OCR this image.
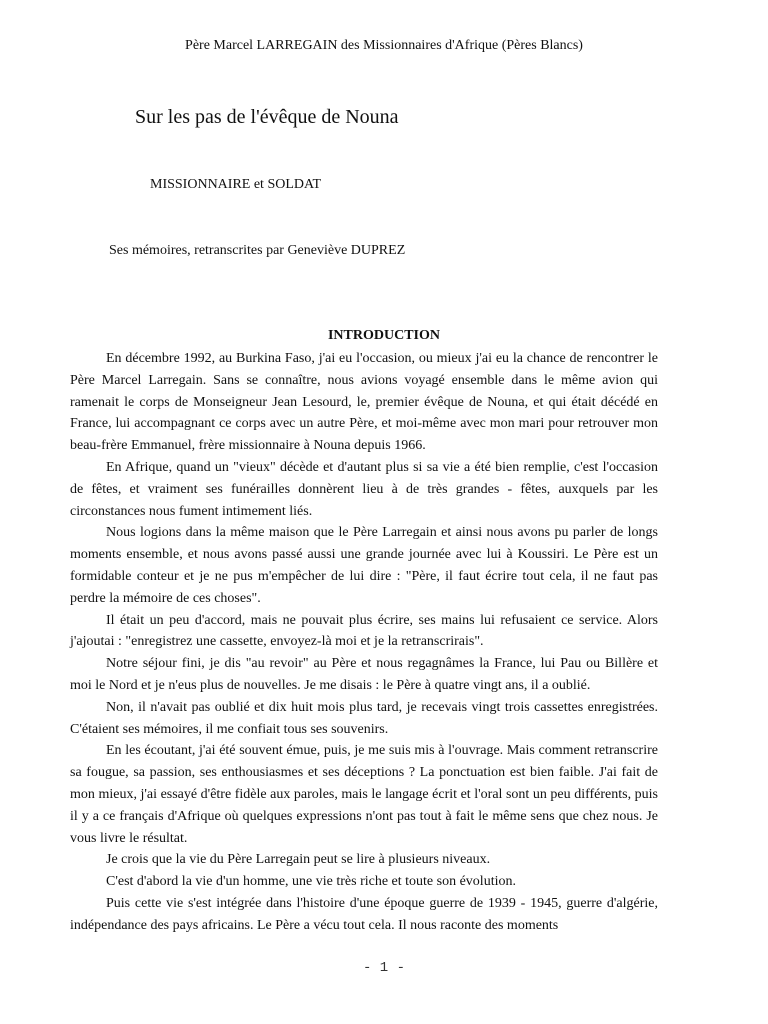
Père Marcel LARREGAIN des Missionnaires d'Afrique (Pères Blancs)
Sur les pas de l'évêque de Nouna
MISSIONNAIRE et SOLDAT
Ses mémoires, retranscrites par Geneviève DUPREZ
INTRODUCTION

En décembre 1992, au Burkina Faso, j'ai eu l'occasion, ou mieux j'ai eu la chance de rencontrer le Père Marcel Larregain. Sans se connaître, nous avions voyagé ensemble dans le même avion qui ramenait le corps de Monseigneur Jean Lesourd, le, premier évêque de Nouna, et qui était décédé en France, lui accompagnant ce corps avec un autre Père, et moi-même avec mon mari pour retrouver mon beau-frère Emmanuel, frère missionnaire à Nouna depuis 1966.

En Afrique, quand un "vieux" décède et d'autant plus si sa vie a été bien remplie, c'est l'occasion de fêtes, et vraiment ses funérailles donnèrent lieu à de très grandes - fêtes, auxquels par les circonstances nous fument intimement liés.

Nous logions dans la même maison que le Père Larregain et ainsi nous avons pu parler de longs moments ensemble, et nous avons passé aussi une grande journée avec lui à Koussiri. Le Père est un formidable conteur et je ne pus m'empêcher de lui dire : "Père, il faut écrire tout cela, il ne faut pas perdre la mémoire de ces choses".

Il était un peu d'accord, mais ne pouvait plus écrire, ses mains lui refusaient ce service. Alors j'ajoutai : "enregistrez une cassette, envoyez-là moi et je la retranscrirais".

Notre séjour fini, je dis "au revoir" au Père et nous regagnâmes la France, lui Pau ou Billère et moi le Nord et je n'eus plus de nouvelles. Je me disais : le Père à quatre vingt ans, il a oublié.

Non, il n'avait pas oublié et dix huit mois plus tard, je recevais vingt trois cassettes enregistrées. C'étaient ses mémoires, il me confiait tous ses souvenirs.

En les écoutant, j'ai été souvent émue, puis, je me suis mis à l'ouvrage. Mais comment retranscrire sa fougue, sa passion, ses enthousiasmes et ses déceptions ? La ponctuation est bien faible. J'ai fait de mon mieux, j'ai essayé d'être fidèle aux paroles, mais le langage écrit et l'oral sont un peu différents, puis il y a ce français d'Afrique où quelques expressions n'ont pas tout à fait le même sens que chez nous. Je vous livre le résultat.

Je crois que la vie du Père Larregain peut se lire à plusieurs niveaux.

C'est d'abord la vie d'un homme, une vie très riche et toute son évolution.

Puis cette vie s'est intégrée dans l'histoire d'une époque guerre de 1939 - 1945, guerre d'algérie, indépendance des pays africains. Le Père a vécu tout cela. Il nous raconte des moments

- 1 -
